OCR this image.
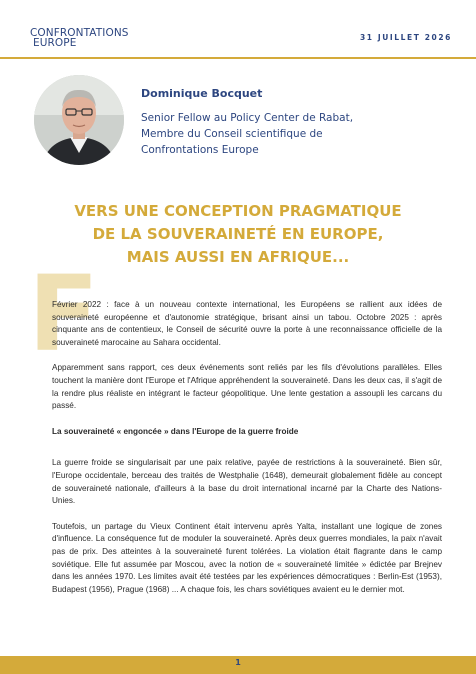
CONFRONTATIONS
EUROPE	31 JUILLET 2026
Dominique Bocquet
Senior Fellow au Policy Center de Rabat,
Membre du Conseil scientifique de
Confrontations Europe
VERS UNE CONCEPTION PRAGMATIQUE
DE LA SOUVERAINETÉ EN EUROPE,
MAIS AUSSI EN AFRIQUE...
F

Février 2022 : face à un nouveau contexte international, les Européens se rallient aux idées de souveraineté européenne et d'autonomie stratégique, brisant ainsi un tabou. Octobre 2025 : après cinquante ans de contentieux, le Conseil de sécurité ouvre la porte à une reconnaissance officielle de la souveraineté marocaine au Sahara occidental.

Apparemment sans rapport, ces deux événements sont reliés par les fils d'évolutions parallèles. Elles touchent la manière dont l'Europe et l'Afrique appréhendent la souveraineté. Dans les deux cas, il s'agit de la rendre plus réaliste en intégrant le facteur géopolitique. Une lente gestation a assoupli les carcans du passé.

La souveraineté « engoncée » dans l'Europe de la guerre froide

La guerre froide se singularisait par une paix relative, payée de restrictions à la souveraineté. Bien sûr, l'Europe occidentale, berceau des traités de Westphalie (1648), demeurait globalement fidèle au concept de souveraineté nationale, d'ailleurs à la base du droit international incarné par la Charte des Nations-Unies.

Toutefois, un partage du Vieux Continent était intervenu après Yalta, installant une logique de zones d'influence. La conséquence fut de moduler la souveraineté. Après deux guerres mondiales, la paix n'avait pas de prix. Des atteintes à la souveraineté furent tolérées. La violation était flagrante dans le camp soviétique. Elle fut assumée par Moscou, avec la notion de « souveraineté limitée » édictée par Brejnev dans les années 1970. Les limites avait été testées par les expériences démocratiques : Berlin-Est (1953), Budapest (1956), Prague (1968) ... A chaque fois, les chars soviétiques avaient eu le dernier mot.

1
